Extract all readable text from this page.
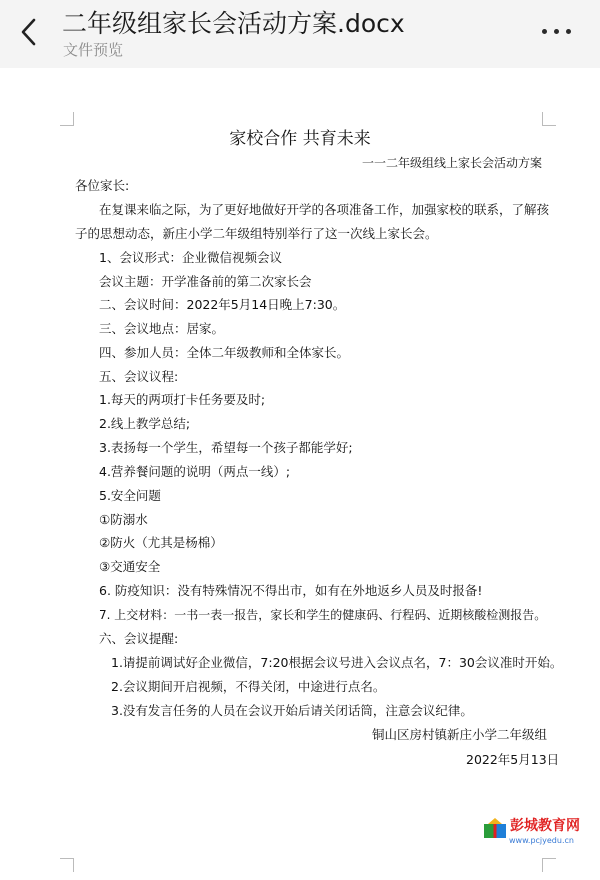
二年级组家长会活动方案.docx
文件预览
家校合作 共育未来
一一二年级组线上家长会活动方案
各位家长:
在复课来临之际，为了更好地做好开学的各项准备工作，加强家校的联系，了解孩
子的思想动态，新庄小学二年级组特别举行了这一次线上家长会。
1、会议形式：企业微信视频会议
会议主题：开学准备前的第二次家长会
二、会议时间：2022年5月14日晚上7:30。
三、会议地点：居家。
四、参加人员：全体二年级教师和全体家长。
五、会议议程:
1.每天的两项打卡任务要及时;
2.线上教学总结;
3.表扬每一个学生，希望每一个孩子都能学好;
4.营养餐问题的说明（两点一线）;
5.安全问题
①防溺水
②防火（尤其是杨棉）
③交通安全
6. 防疫知识：没有特殊情况不得出市，如有在外地返乡人员及时报备!
7. 上交材料：一书一表一报告，家长和学生的健康码、行程码、近期核酸检测报告。
六、会议提醒:
1.请提前调试好企业微信，7:20根据会议号进入会议点名，7：30会议准时开始。
2.会议期间开启视频，不得关闭，中途进行点名。
3.没有发言任务的人员在会议开始后请关闭话筒，注意会议纪律。
铜山区房村镇新庄小学二年级组
2022年5月13日
彭城教育网
www.pcjyedu.cn
